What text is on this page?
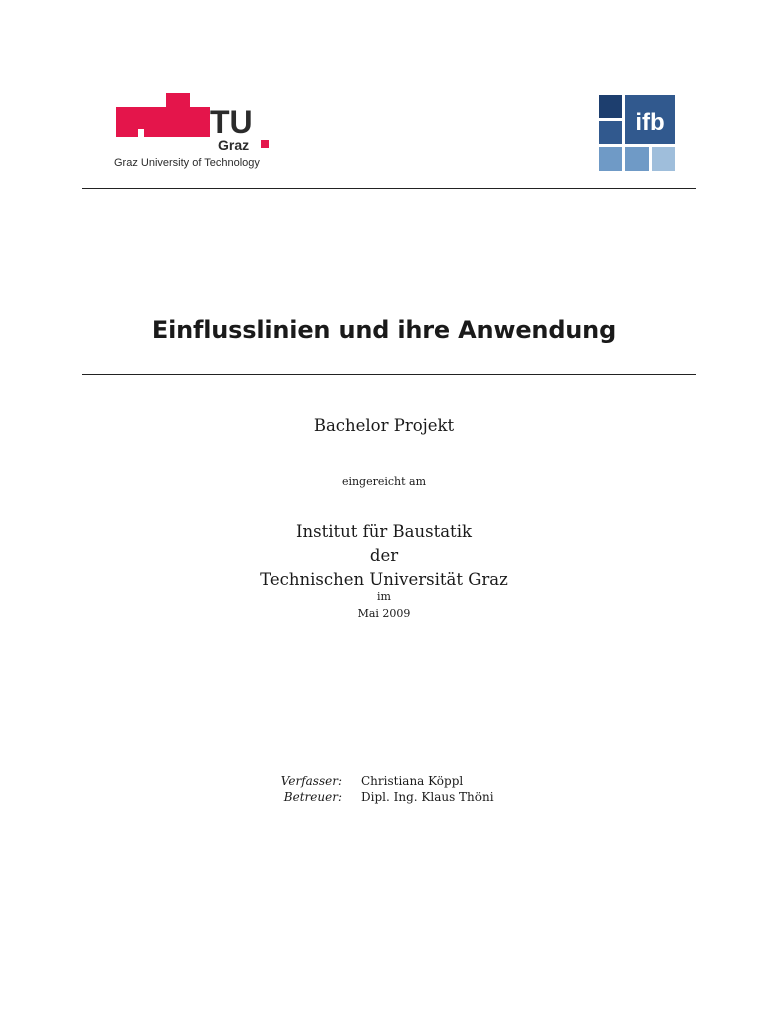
TU
Graz
Graz University of Technology
ifb
Einflusslinien und ihre Anwendung
Bachelor Projekt
eingereicht am
Institut für Baustatik
der
Technischen Universität Graz
im
Mai 2009
Verfasser: Christiana Köppl
Betreuer: Dipl. Ing. Klaus Thöni
